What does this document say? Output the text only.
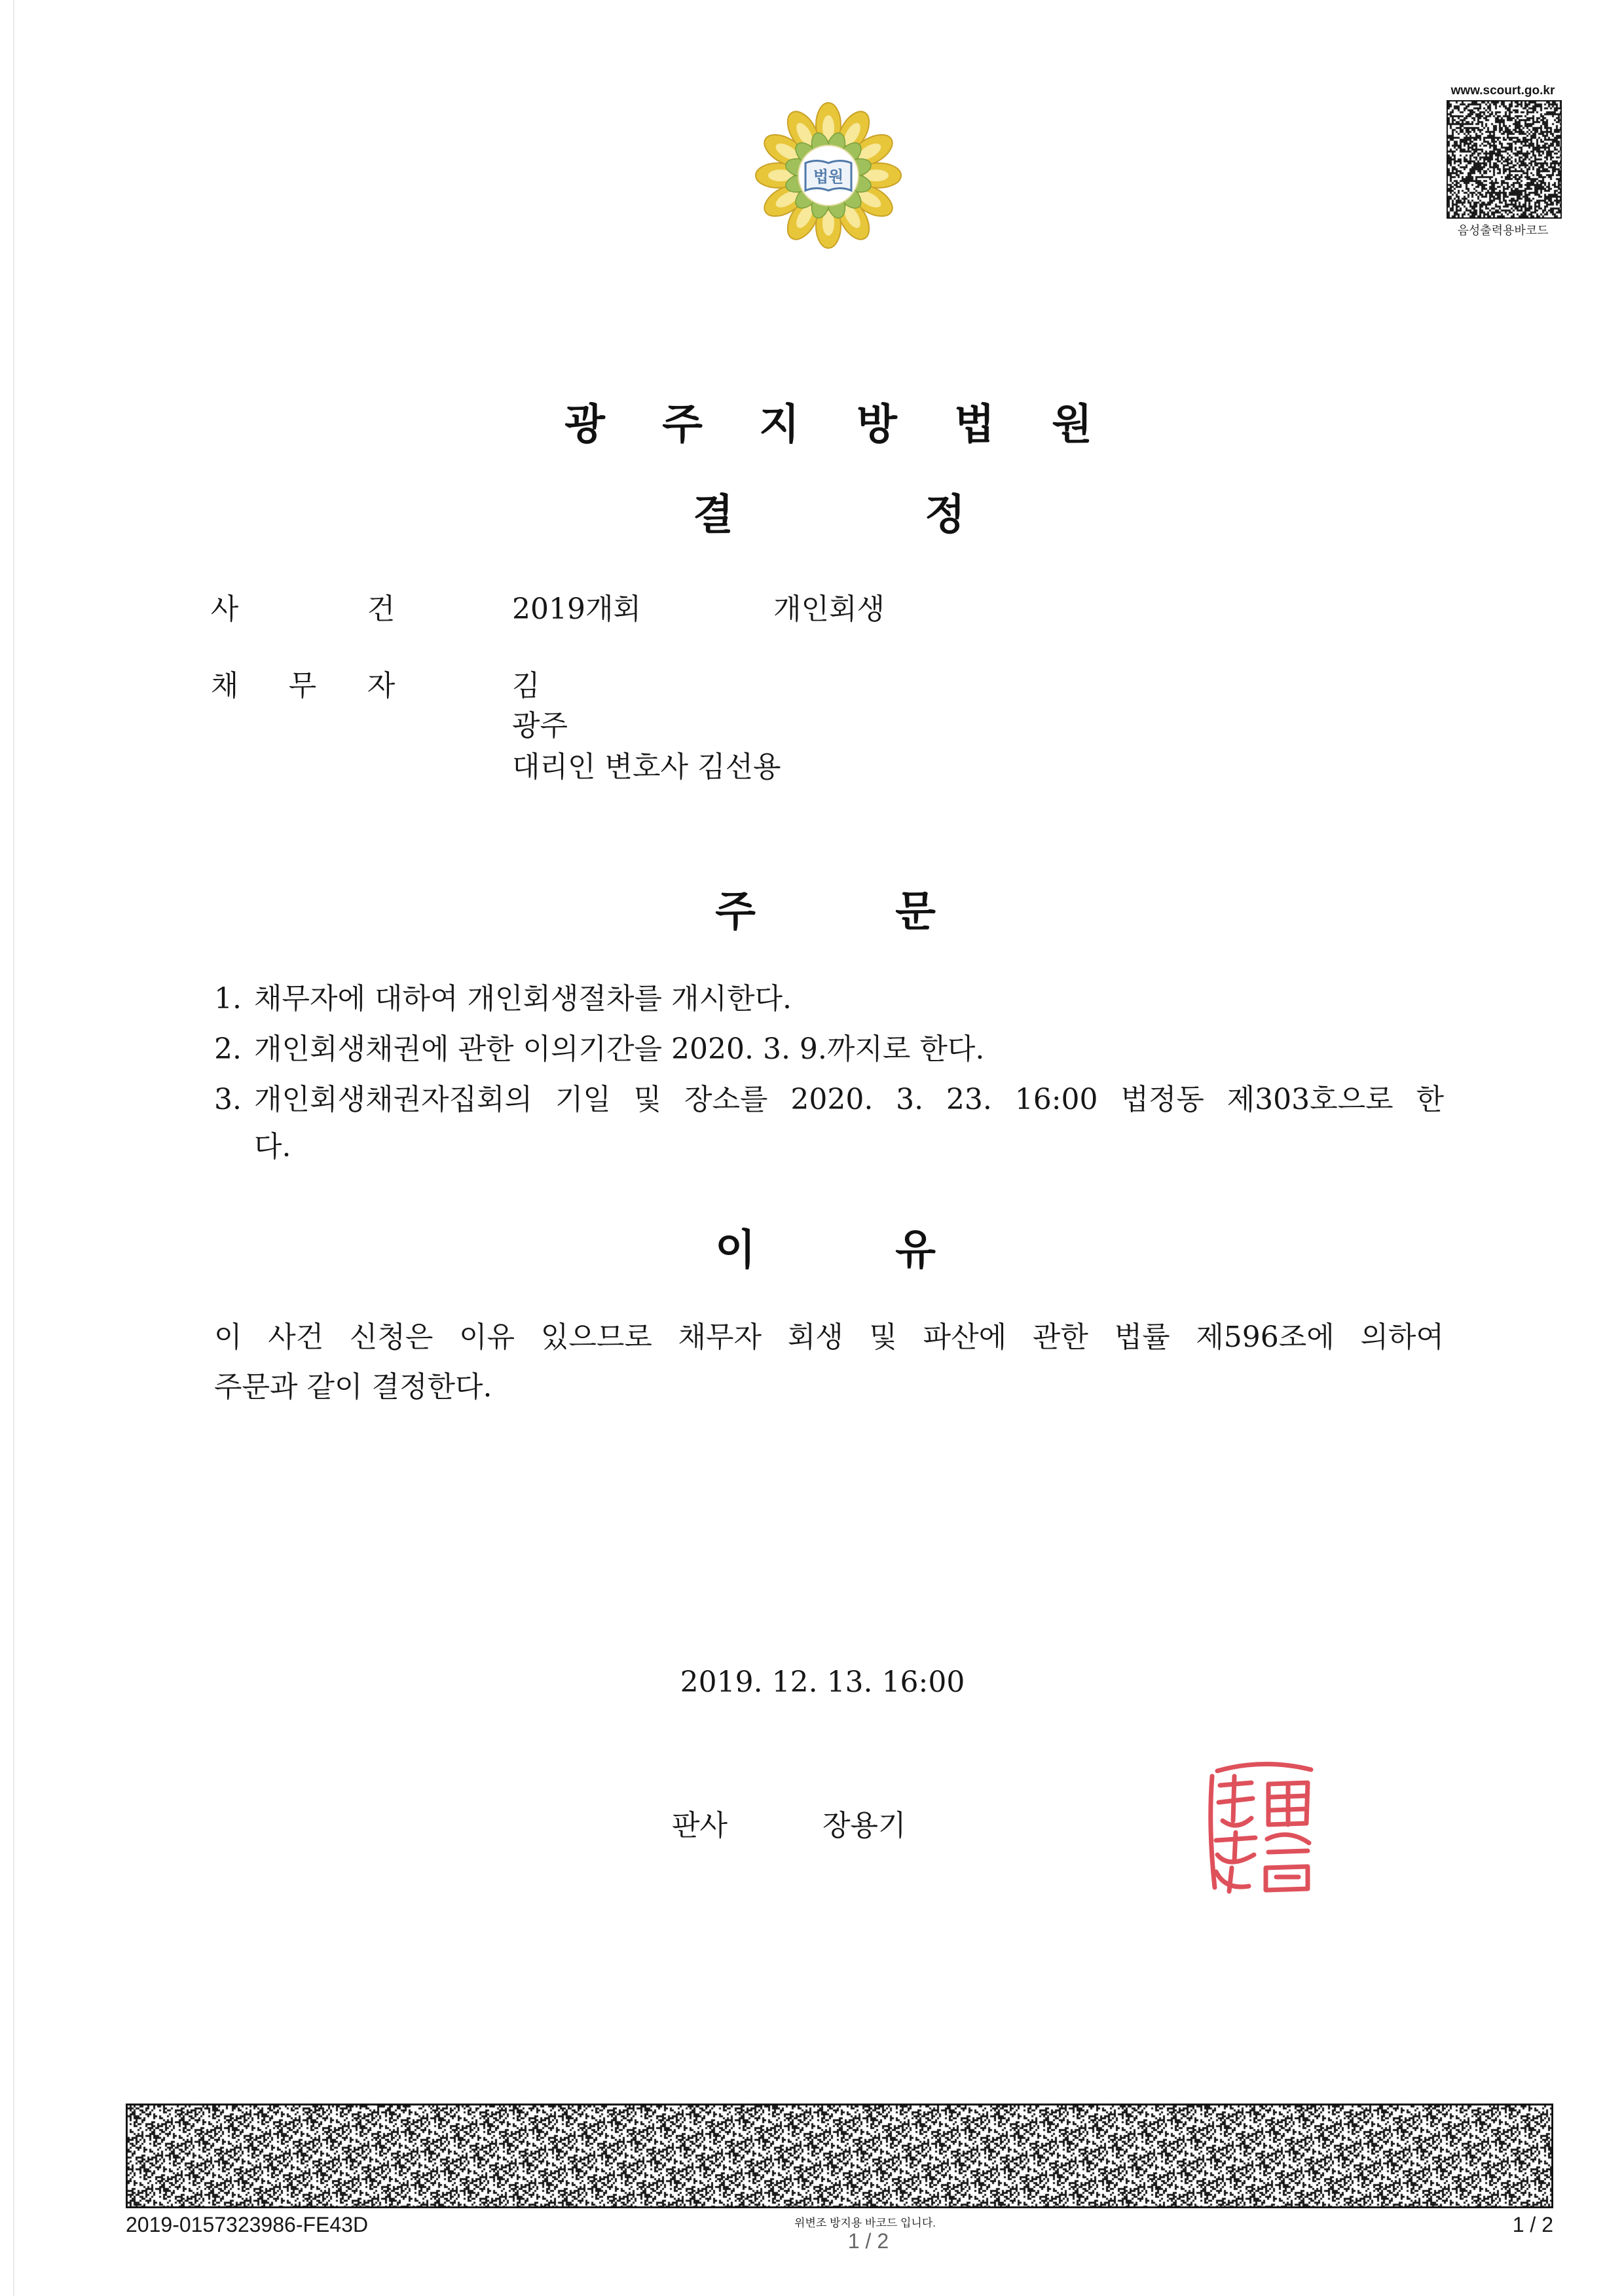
법원
www.scourt.go.kr
음성출력용바코드
광	주	지	방	법	원
결	정
사	건	2019개회	개인회생
채	무	자	김
광주
대리인 변호사 김선용
주	문
1. 채무자에 대하여 개인회생절차를 개시한다.
2. 개인회생채권에 관한 이의기간을 2020. 3. 9.까지로 한다.
3. 개인회생채권자집회의 기일 및 장소를 2020. 3. 23. 16:00 법정동 제303호으로 한
다.
이	유
이 사건 신청은 이유 있으므로 채무자 회생 및 파산에 관한 법률 제596조에 의하여
주문과 같이 결정한다.
2019. 12. 13. 16:00
판사	장용기
2019-0157323986-FE43D	위변조 방지용 바코드 입니다.
1 / 2
1 / 2
